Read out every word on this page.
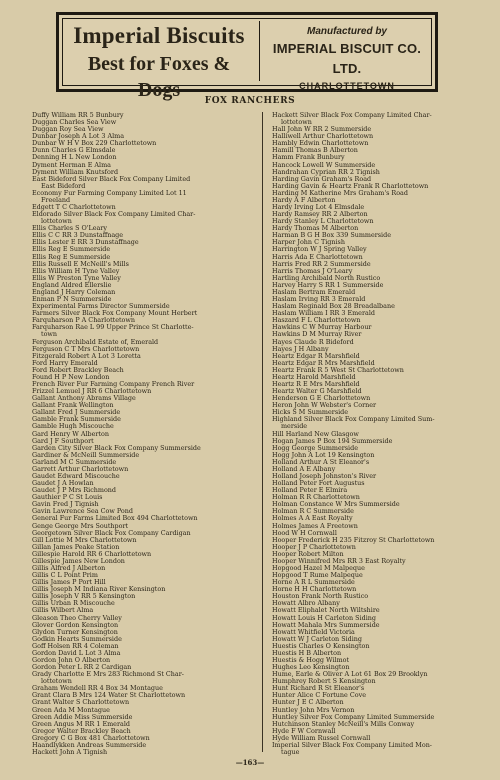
Imperial Biscuits
Best for Foxes & Dogs
Manufactured by
IMPERIAL BISCUIT CO. LTD.
CHARLOTTETOWN
FOX RANCHERS
Duffy William RR 5 Bunbury
Duggan Charles Sea View
Duggan Roy Sea View
Dunbar Joseph A Lot 3 Alma
Dunbar W H V Box 229 Charlottetown
Dunn Charles G Elmsdale
Denning H L New London
Dyment Herman E Alma
Dyment William Knutsford
East Bideford Silver Black Fox Company Limited
East Bideford
Economy Fur Farming Company Limited Lot 11
Freeland
Edgett T C Charlottetown
Eldorado Silver Black Fox Company Limited Char-
lottetown
Ellis Charles S O'Leary
Ellis C C RR 3 Dunstaffnage
Ellis Lester E RR 3 Dunstaffnage
Ellis Reg E Summerside
Ellis Reg E Summerside
Ellis Russell E McNeill's Mills
Ellis William H Tyne Valley
Ellis W Preston Tyne Valley
England Aldred Ellerslie
England J Harry Coleman
Enman P N Summerside
Experimental Farms Director Summerside
Farmers Silver Black Fox Company Mount Herbert
Farquharson P A Charlottetown
Farquharson Rae L 99 Upper Prince St Charlotte-
town
Ferguson Archibald Estate of, Emerald
Ferguson C T Mrs Charlottetown
Fitzgerald Robert A Lot 3 Loretta
Ford Harry Emerald
Ford Robert Brackley Beach
Found H P New London
French River Fur Farming Company French River
Frizzel Lemuel J RR 6 Charlottetown
Gallant Anthony Abrams Village
Gallant Frank Wellington
Gallant Fred J Summerside
Gamble Frank Summerside
Gamble Hugh Miscouche
Gard Henry W Alberton
Gard J F Southport
Garden City Silver Black Fox Company Summerside
Gardiner & McNeill Summerside
Garland M C Summerside
Garrett Arthur Charlottetown
Gaudet Edward Miscouche
Gaudet J A Howlan
Gaudet J P Mrs Richmond
Gauthier P C St Louis
Gavin Fred J Tignish
Gavin Lawrence Sea Cow Pond
General Fur Farms Limited Box 494 Charlottetown
Genge George Mrs Southport
Georgetown Silver Black Fox Company Cardigan
Gill Lottie M Mrs Charlottetown
Gillan James Peake Station
Gillespie Harold RR 6 Charlottetown
Gillespie James New London
Gillis Alfred J Alberton
Gillis C L Point Prim
Gillis James P Port Hill
Gillis Joseph M Indiana River Kensington
Gillis Joseph V RR 5 Kensington
Gillis Urban R Miscouche
Gillis Wilbert Alma
Gleason Theo Cherry Valley
Glover Gordon Kensington
Glydon Turner Kensington
Godkin Hearts Summerside
Goff Holsen RR 4 Coleman
Gordon David L Lot 3 Alma
Gordon John O Alberton
Gordon Peter L RR 2 Cardigan
Grady Charlotte E Mrs 283 Richmond St Char-
lottetown
Graham Wendell RR 4 Box 34 Montague
Grant Clara B Mrs 124 Water St Charlottetown
Grant Walter S Charlottetown
Green Ada M Montague
Green Addie Miss Summerside
Green Angus M RR 1 Emerald
Gregor Walter Brackley Beach
Gregory C G Box 481 Charlottetown
Haandlykken Andreas Summerside
Hackett John A Tignish
Hackett Silver Black Fox Company Limited Char-
lottetown
Hall John W RR 2 Summerside
Halliwell Arthur Charlottetown
Hambly Edwin Charlottetown
Hamill Thomas B Alberton
Hamm Frank Bunbury
Hancock Lowell W Summerside
Handrahan Cyprian RR 2 Tignish
Harding Gavin Graham's Road
Harding Gavin & Heartz Frank R Charlottetown
Harding M Katherine Mrs Graham's Road
Hardy A F Alberton
Hardy Irving Lot 4 Elmsdale
Hardy Ramsey RR 2 Alberton
Hardy Stanley L Charlottetown
Hardy Thomas M Alberton
Harman B G H Box 339 Summerside
Harper John C Tignish
Harrington W J Spring Valley
Harris Ada E Charlottetown
Harris Fred RR 2 Summerside
Harris Thomas J O'Leary
Hartling Archibald North Rustico
Harvey Harry S RR 1 Summerside
Haslam Bertram Emerald
Haslam Irving RR 3 Emerald
Haslam Reginald Box 28 Breadalbane
Haslam William I RR 3 Emerald
Haszard F L Charlottetown
Hawkins C W Murray Harbour
Hawkins D M Murray River
Hayes Claude R Bideford
Hayes J H Albany
Heartz Edgar R Marshfield
Heartz Edgar R Mrs Marshfield
Heartz Frank R 5 West St Charlottetown
Heartz Harold Marshfield
Heartz R E Mrs Marshfield
Heartz Walter G Marshfield
Henderson G E Charlottetown
Heron John W Webster's Corner
Hicks S M Summerside
Highland Silver Black Fox Company Limited Sum-
merside
Hill Harland New Glasgow
Hogan James P Box 194 Summerside
Hogg George Summerside
Hogg John A Lot 19 Kensington
Holland Arthur A St Eleanor's
Holland A E Albany
Holland Joseph Johnston's River
Holland Peter Fort Augustus
Holland Peter E Elmira
Holman R R Charlottetown
Holman Constance W Mrs Summerside
Holman R C Summerside
Holmes A A East Royalty
Holmes James A Freetown
Hood W H Cornwall
Hooper Frederick H 235 Fitzroy St Charlottetown
Hooper J P Charlottetown
Hooper Robert Milton
Hooper Winnifred Mrs RR 3 East Royalty
Hopgood Hazel M Malpeque
Hopgood T Rume Malpeque
Horne A R L Summerside
Horne H H Charlottetown
Houston Frank North Rustico
Howatt Albro Albany
Howatt Eliphalet North Wiltshire
Howatt Louis H Carleton Siding
Howatt Mahala Mrs Summerside
Howatt Whitfield Victoria
Howatt W J Carleton Siding
Huestis Charles O Kensington
Huestis H B Alberton
Huestis & Hogg Wilmot
Hughes Leo Kensington
Hume, Earle & Oliver A Lot 61 Box 29 Brooklyn
Humphrey Robert S Kensington
Hunt Richard R St Eleanor's
Hunter Alice C Fortune Cove
Hunter J E C Alberton
Huntley John Mrs Vernon
Huntley Silver Fox Company Limited Summerside
Hutchinson Stanley McNeill's Mills Conway
Hyde F W Cornwall
Hyde William Russel Cornwall
Imperial Silver Black Fox Company Limited Mon-
tague
—163—
